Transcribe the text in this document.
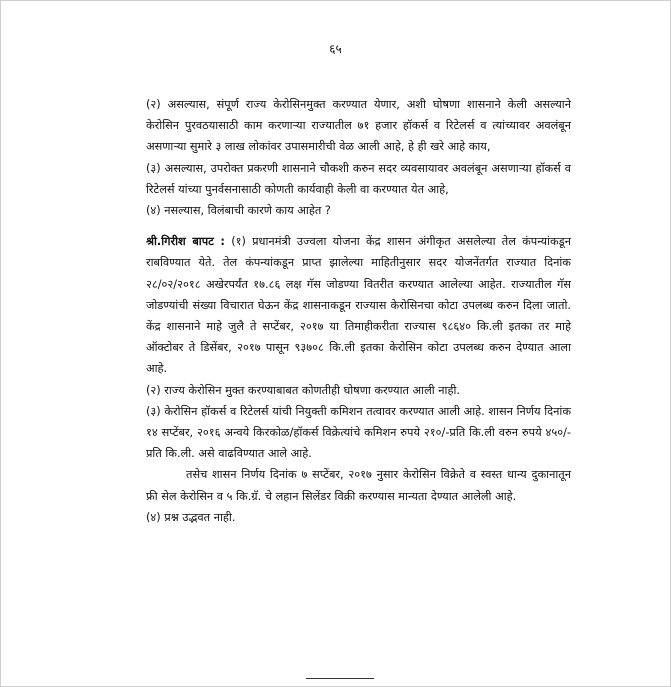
६५

(२) असल्यास, संपूर्ण राज्य केरोसिनमुक्त करण्यात येणार, अशी घोषणा शासनाने केली असल्याने केरोसिन पुरवठयासाठी काम करणाऱ्या राज्यातील ७१ हजार हॉकर्स व रिटेलर्स व त्यांच्यावर अवलंबून असणाऱ्या सुमारे ३ लाख लोकांवर उपासमारीची वेळ आली आहे, हे ही खरे आहे काय,

(३) असल्यास, उपरोक्त प्रकरणी शासनाने चौकशी करुन सदर व्यवसायावर अवलंबून असणाऱ्या हॉकर्स व रिटेलर्स यांच्या पुनर्वसनासाठी कोणती कार्यवाही केली वा करण्यात येत आहे,

(४) नसल्यास, विलंबाची कारणे काय आहेत ?

श्री.गिरीश बापट : (१) प्रधानमंत्री उज्वला योजना केंद्र शासन अंगीकृत असलेल्या तेल कंपन्यांकडून राबविण्यात येते. तेल कंपन्यांकडून प्राप्त झालेल्या माहितीनुसार सदर योजनेंतर्गत राज्यात दिनांक २८/०२/२०१८ अखेरपर्यंत १७.८६ लक्ष गॅस जोडण्या वितरीत करण्यात आलेल्या आहेत. राज्यातील गॅस जोडण्यांची संख्या विचारात घेऊन केंद्र शासनाकडून राज्यास केरोसिनचा कोटा उपलब्ध करुन दिला जातो. केंद्र शासनाने माहे जुलै ते सप्टेंबर, २०१७ या तिमाहीकरीता राज्यास ९८६४० कि.ली इतका तर माहे ऑक्टोबर ते डिसेंबर, २०१७ पासून ९३७०८ कि.ली इतका केरोसिन कोटा उपलब्ध करुन देण्यात आला आहे.

(२) राज्य केरोसिन मुक्त करण्याबाबत कोणतीही घोषणा करण्यात आली नाही.

(३) केरोसिन हॉकर्स व रिटेलर्स यांची नियुक्ती कमिशन तत्वावर करण्यात आली आहे. शासन निर्णय दिनांक १४ सप्टेंबर, २०१६ अन्वये किरकोळ/हॉकर्स विक्रेत्यांचे कमिशन रुपये २१०/-प्रति कि.ली वरुन रुपये ४५०/- प्रति कि.ली. असे वाढविण्यात आले आहे.

तसेच शासन निर्णय दिनांक ७ सप्टेंबर, २०१७ नुसार केरोसिन विक्रेते व स्वस्त धान्य दुकानातून फ्री सेल केरोसिन व ५ कि.ग्रॅ. चे लहान सिलेंडर विक्री करण्यास मान्यता देण्यात आलेली आहे.

(४) प्रश्न उद्भवत नाही.
